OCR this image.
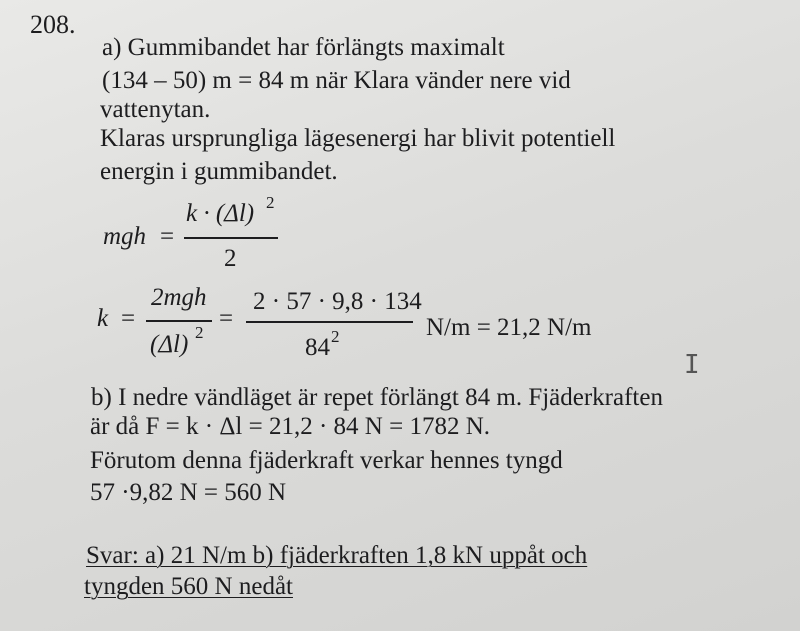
208.
a) Gummibandet har förlängts maximalt
(134 – 50) m = 84 m när Klara vänder nere vid
vattenytan.
Klaras ursprungliga lägesenergi har blivit potentiell
energin i gummibandet.
mgh =
k · (Δl) 2
2
k =
2mgh
(Δl) 2
=
2 · 57 · 9,8 · 134
84 2	N/m = 21,2 N/m
I
b) I nedre vändläget är repet förlängt 84 m. Fjäderkraften
är då F = k · Δl = 21,2 · 84 N = 1782 N.
Förutom denna fjäderkraft verkar hennes tyngd
57 ·9,82 N = 560 N
Svar: a) 21 N/m b) fjäderkraften 1,8 kN uppåt och
tyngden 560 N nedåt
